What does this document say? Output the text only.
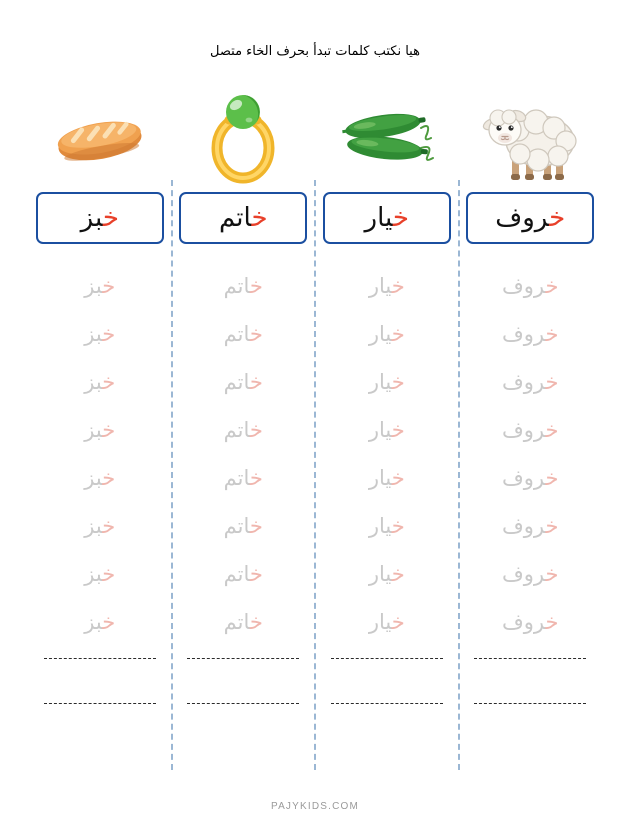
هيا نكتب كلمات تبدأ بحرف الخاء متصل
خروف
خروف
خروف
خروف
خروف
خروف
خروف
خروف
خروف
خيار
خيار
خيار
خيار
خيار
خيار
خيار
خيار
خيار
خاتم
خاتم
خاتم
خاتم
خاتم
خاتم
خاتم
خاتم
خاتم
خبز
خبز
خبز
خبز
خبز
خبز
خبز
خبز
خبز
PAJYKIDS.COM
